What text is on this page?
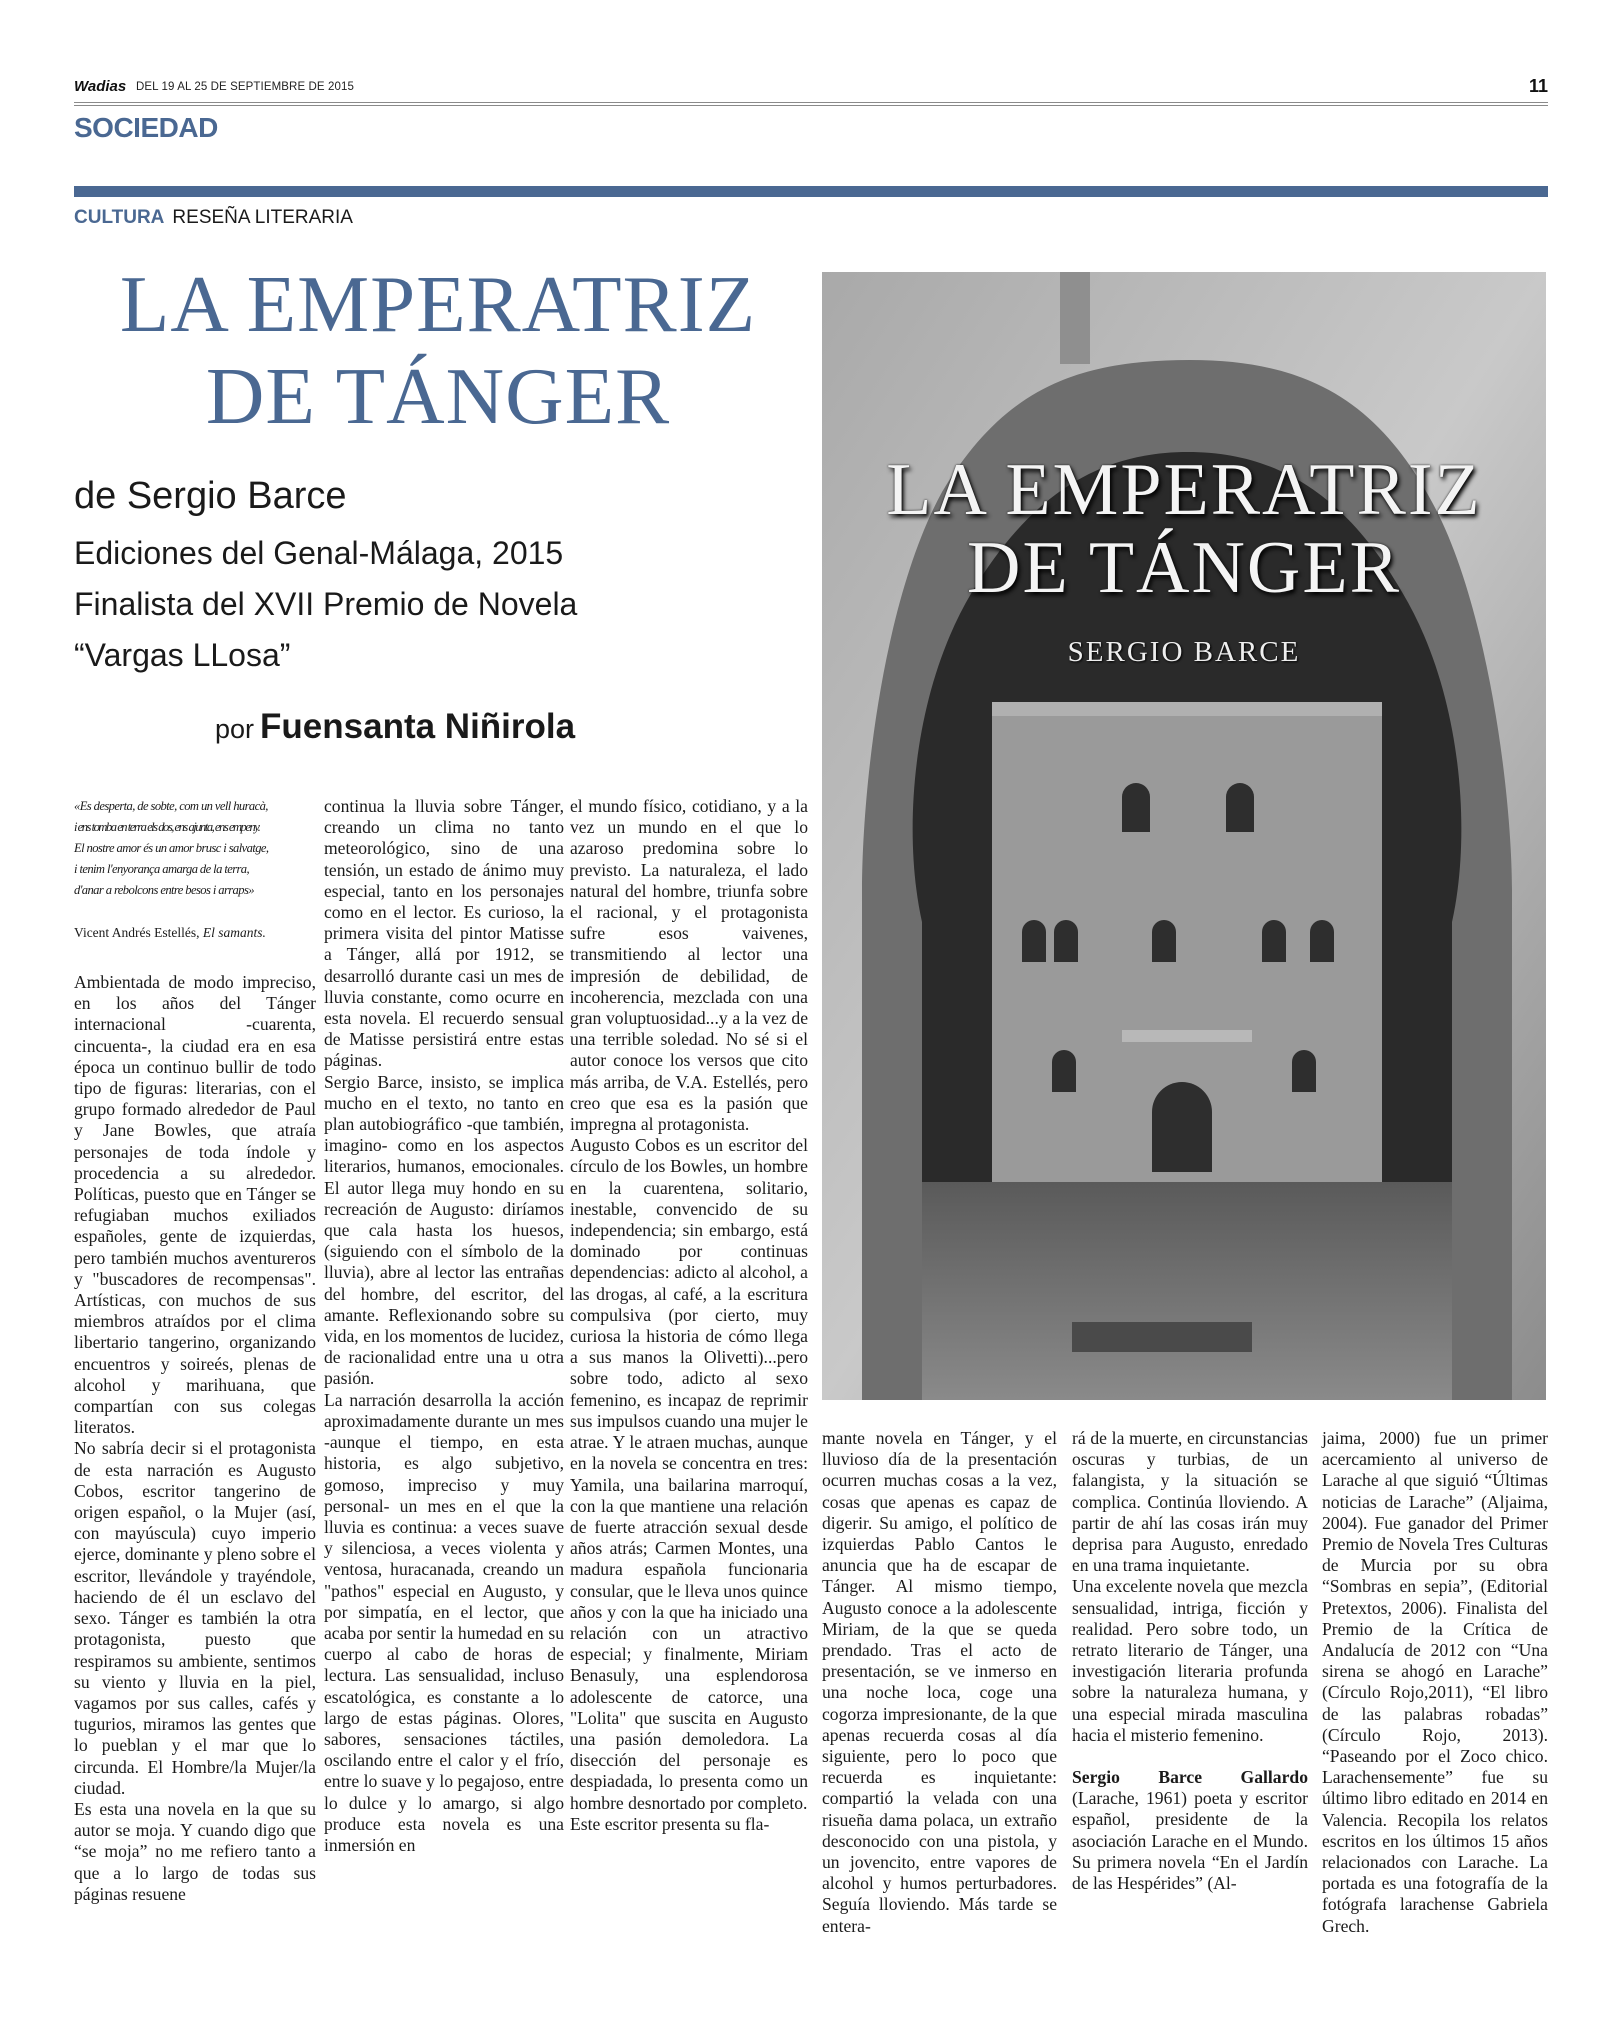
Wadias DEL 19 AL 25 DE SEPTIEMBRE DE 2015	11
SOCIEDAD
CULTURA RESEÑA LITERARIA
LA EMPERATRIZ
DE TÁNGER
de Sergio Barce
Ediciones del Genal-Málaga, 2015
Finalista del XVII Premio de Novela
“Vargas LLosa”
por Fuensanta Niñirola
LA EMPERATRIZ
DE TÁNGER
SERGIO BARCE

«Es desperta, de sobte, com un vell huracà,

i ens tomba en terra els dos, ens ajunta, ens empeny.

El nostre amor és un amor brusc i salvatge,

i tenim l'enyorança amarga de la terra,

d'anar a rebolcons entre besos i arraps»

Vicent Andrés Estellés, El samants.

Ambientada de modo impreciso, en los años del Tánger internacional -cuarenta, cincuenta-, la ciudad era en esa época un continuo bullir de todo tipo de figuras: literarias, con el grupo formado alrededor de Paul y Jane Bowles, que atraía personajes de toda índole y procedencia a su alrededor. Políticas, puesto que en Tánger se refugiaban muchos exiliados españoles, gente de izquierdas, pero también muchos aventureros y "buscadores de recompensas". Artísticas, con muchos de sus miembros atraídos por el clima libertario tangerino, organizando encuentros y soireés, plenas de alcohol y marihuana, que compartían con sus colegas literatos.

No sabría decir si el protagonista de esta narración es Augusto Cobos, escritor tangerino de origen español, o la Mujer (así, con mayúscula) cuyo imperio ejerce, dominante y pleno sobre el escritor, llevándole y trayéndole, haciendo de él un esclavo del sexo. Tánger es también la otra protagonista, puesto que respiramos su ambiente, sentimos su viento y lluvia en la piel, vagamos por sus calles, cafés y tugurios, miramos las gentes que lo pueblan y el mar que lo circunda. El Hombre/la Mujer/la ciudad.

Es esta una novela en la que su autor se moja. Y cuando digo que “se moja” no me refiero tanto a que a lo largo de todas sus páginas resuene

continua la lluvia sobre Tánger, creando un clima no tanto meteorológico, sino de una tensión, un estado de ánimo muy especial, tanto en los personajes como en el lector. Es curioso, la primera visita del pintor Matisse a Tánger, allá por 1912, se desarrolló durante casi un mes de lluvia constante, como ocurre en esta novela. El recuerdo sensual de Matisse persistirá entre estas páginas.

Sergio Barce, insisto, se implica mucho en el texto, no tanto en plan autobiográfico -que también, imagino- como en los aspectos literarios, humanos, emocionales. El autor llega muy hondo en su recreación de Augusto: diríamos que cala hasta los huesos, (siguiendo con el símbolo de la lluvia), abre al lector las entrañas del hombre, del escritor, del amante. Reflexionando sobre su vida, en los momentos de lucidez, de racionalidad entre una u otra pasión.

La narración desarrolla la acción aproximadamente durante un mes -aunque el tiempo, en esta historia, es algo subjetivo, gomoso, impreciso y muy personal- un mes en el que la lluvia es continua: a veces suave y silenciosa, a veces violenta y ventosa, huracanada, creando un "pathos" especial en Augusto, y por simpatía, en el lector, que acaba por sentir la humedad en su cuerpo al cabo de horas de lectura. Las sensualidad, incluso escatológica, es constante a lo largo de estas páginas. Olores, sabores, sensaciones táctiles, oscilando entre el calor y el frío, entre lo suave y lo pegajoso, entre lo dulce y lo amargo, si algo produce esta novela es una inmersión en

el mundo físico, cotidiano, y a la vez un mundo en el que lo azaroso predomina sobre lo previsto. La naturaleza, el lado natural del hombre, triunfa sobre el racional, y el protagonista sufre esos vaivenes, transmitiendo al lector una impresión de debilidad, de incoherencia, mezclada con una gran voluptuosidad...y a la vez de una terrible soledad. No sé si el autor conoce los versos que cito más arriba, de V.A. Estellés, pero creo que esa es la pasión que impregna al protagonista.

Augusto Cobos es un escritor del círculo de los Bowles, un hombre en la cuarentena, solitario, inestable, convencido de su independencia; sin embargo, está dominado por continuas dependencias: adicto al alcohol, a las drogas, al café, a la escritura compulsiva (por cierto, muy curiosa la historia de cómo llega a sus manos la Olivetti)...pero sobre todo, adicto al sexo femenino, es incapaz de reprimir sus impulsos cuando una mujer le atrae. Y le atraen muchas, aunque en la novela se concentra en tres: Yamila, una bailarina marroquí, con la que mantiene una relación de fuerte atracción sexual desde años atrás; Carmen Montes, una madura española funcionaria consular, que le lleva unos quince años y con la que ha iniciado una relación con un atractivo especial; y finalmente, Miriam Benasuly, una esplendorosa adolescente de catorce, una "Lolita" que suscita en Augusto una pasión demoledora. La disección del personaje es despiadada, lo presenta como un hombre desnortado por completo.

Este escritor presenta su fla-

mante novela en Tánger, y el lluvioso día de la presentación ocurren muchas cosas a la vez, cosas que apenas es capaz de digerir. Su amigo, el político de izquierdas Pablo Cantos le anuncia que ha de escapar de Tánger. Al mismo tiempo, Augusto conoce a la adolescente Miriam, de la que se queda prendado. Tras el acto de presentación, se ve inmerso en una noche loca, coge una cogorza impresionante, de la que apenas recuerda cosas al día siguiente, pero lo poco que recuerda es inquietante: compartió la velada con una risueña dama polaca, un extraño desconocido con una pistola, y un jovencito, entre vapores de alcohol y humos perturbadores. Seguía lloviendo. Más tarde se entera-

rá de la muerte, en circunstancias oscuras y turbias, de un falangista, y la situación se complica. Continúa lloviendo. A partir de ahí las cosas irán muy deprisa para Augusto, enredado en una trama inquietante.

Una excelente novela que mezcla sensualidad, intriga, ficción y realidad. Pero sobre todo, un retrato literario de Tánger, una investigación literaria profunda sobre la naturaleza humana, y una especial mirada masculina hacia el misterio femenino.

Sergio Barce Gallardo (Larache, 1961) poeta y escritor español, presidente de la asociación Larache en el Mundo. Su primera novela “En el Jardín de las Hespérides” (Al-

jaima, 2000) fue un primer acercamiento al universo de Larache al que siguió “Últimas noticias de Larache” (Aljaima, 2004). Fue ganador del Primer Premio de Novela Tres Culturas de Murcia por su obra “Sombras en sepia”, (Editorial Pretextos, 2006). Finalista del Premio de la Crítica de Andalucía de 2012 con “Una sirena se ahogó en Larache” (Círculo Rojo,2011), “El libro de las palabras robadas” (Círculo Rojo, 2013). “Paseando por el Zoco chico. Larachensemente” fue su último libro editado en 2014 en Valencia. Recopila los relatos escritos en los últimos 15 años relacionados con Larache. La portada es una fotografía de la fotógrafa larachense Gabriela Grech.
